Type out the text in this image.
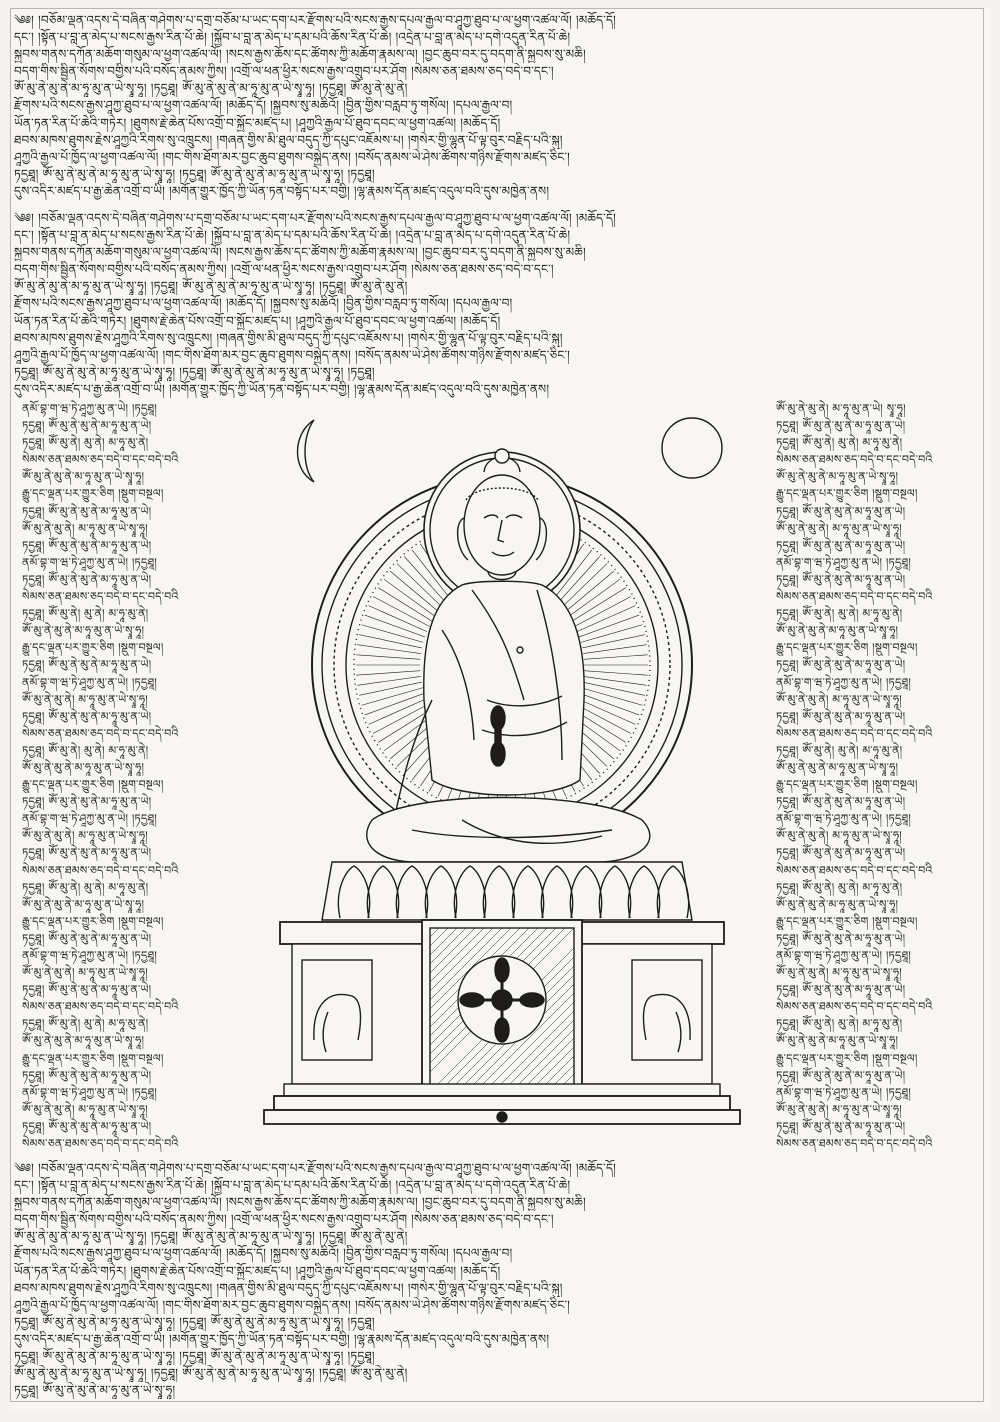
༄༅། །བཅོམ་ལྡན་འདས་དེ་བཞིན་གཤེགས་པ་དགྲ་བཅོམ་པ་ཡང་དག་པར་རྫོགས་པའི་སངས་རྒྱས་དཔལ་རྒྱལ་བ་ཤཱཀྱ་ཐུབ་པ་ལ་ཕྱག་འཚལ་ལོ། །མཆོད་དོ།
དང་། །སྟོན་པ་བླ་ན་མེད་པ་སངས་རྒྱས་རིན་པོ་ཆེ། །སྐྱོབ་པ་བླ་ན་མེད་པ་དམ་པའི་ཆོས་རིན་པོ་ཆེ། །འདྲེན་པ་བླ་ན་མེད་པ་དགེ་འདུན་རིན་པོ་ཆེ།
སྐྱབས་གནས་དཀོན་མཆོག་གསུམ་ལ་ཕྱག་འཚལ་ལོ། །སངས་རྒྱས་ཆོས་དང་ཚོགས་ཀྱི་མཆོག་རྣམས་ལ། །བྱང་ཆུབ་བར་དུ་བདག་ནི་སྐྱབས་སུ་མཆི།
བདག་གིས་སྦྱིན་སོགས་བགྱིས་པའི་བསོད་ནམས་ཀྱིས། །འགྲོ་ལ་ཕན་ཕྱིར་སངས་རྒྱས་འགྲུབ་པར་ཤོག །སེམས་ཅན་ཐམས་ཅད་བདེ་བ་དང་།
ཨོཾ་མུ་ནེ་མུ་ནེ་མ་ཧཱ་མུ་ན་ཡེ་སྭཱ་ཧཱ། །ཏདྱཐཱ། ཨོཾ་མུ་ནེ་མུ་ནེ་མ་ཧཱ་མུ་ན་ཡེ་སྭཱ་ཧཱ། །ཏདྱཐཱ། ཨོཾ་མུ་ནེ་མུ་ནེ།
རྫོགས་པའི་སངས་རྒྱས་ཤཱཀྱ་ཐུབ་པ་ལ་ཕྱག་འཚལ་ལོ། །མཆོད་དོ། །སྐྱབས་སུ་མཆིའོ། །བྱིན་གྱིས་བརླབ་ཏུ་གསོལ། །དཔལ་རྒྱལ་བ།
ཡོན་ཏན་རིན་པོ་ཆེའི་གཏེར། །ཐུགས་རྗེ་ཆེན་པོས་འགྲོ་བ་སྐྱོང་མཛད་པ། །ཤཱཀྱའི་རྒྱལ་པོ་ཐུབ་དབང་ལ་ཕྱག་འཚལ། །མཆོད་དོ།
ཐབས་མཁས་ཐུགས་རྗེས་ཤཱཀྱའི་རིགས་སུ་འཁྲུངས། །གཞན་གྱིས་མི་ཐུལ་བདུད་ཀྱི་དཔུང་འཇོམས་པ། །གསེར་གྱི་ལྷུན་པོ་ལྟ་བུར་བརྗིད་པའི་སྐུ།
ཤཱཀྱའི་རྒྱལ་པོ་ཁྱོད་ལ་ཕྱག་འཚལ་ལོ། །གང་གིས་ཐོག་མར་བྱང་ཆུབ་ཐུགས་བསྐྱེད་ནས། །བསོད་ནམས་ཡེ་ཤེས་ཚོགས་གཉིས་རྫོགས་མཛད་ཅིང་།
ཏདྱཐཱ། ཨོཾ་མུ་ནེ་མུ་ནེ་མ་ཧཱ་མུ་ན་ཡེ་སྭཱ་ཧཱ། །ཏདྱཐཱ། ཨོཾ་མུ་ནེ་མུ་ནེ་མ་ཧཱ་མུ་ན་ཡེ་སྭཱ་ཧཱ། །ཏདྱཐཱ།
དུས་འདིར་མཛད་པ་རྒྱ་ཆེན་འགྲོ་བ་ཡི། །མགོན་གྱུར་ཁྱོད་ཀྱི་ཡོན་ཏན་བསྟོད་པར་བགྱི། །ལྷ་རྣམས་དོན་མཛད་འདུལ་བའི་དུས་མཁྱེན་ནས།
༄༅། །བཅོམ་ལྡན་འདས་དེ་བཞིན་གཤེགས་པ་དགྲ་བཅོམ་པ་ཡང་དག་པར་རྫོགས་པའི་སངས་རྒྱས་དཔལ་རྒྱལ་བ་ཤཱཀྱ་ཐུབ་པ་ལ་ཕྱག་འཚལ་ལོ། །མཆོད་དོ།
དང་། །སྟོན་པ་བླ་ན་མེད་པ་སངས་རྒྱས་རིན་པོ་ཆེ། །སྐྱོབ་པ་བླ་ན་མེད་པ་དམ་པའི་ཆོས་རིན་པོ་ཆེ། །འདྲེན་པ་བླ་ན་མེད་པ་དགེ་འདུན་རིན་པོ་ཆེ།
སྐྱབས་གནས་དཀོན་མཆོག་གསུམ་ལ་ཕྱག་འཚལ་ལོ། །སངས་རྒྱས་ཆོས་དང་ཚོགས་ཀྱི་མཆོག་རྣམས་ལ། །བྱང་ཆུབ་བར་དུ་བདག་ནི་སྐྱབས་སུ་མཆི།
བདག་གིས་སྦྱིན་སོགས་བགྱིས་པའི་བསོད་ནམས་ཀྱིས། །འགྲོ་ལ་ཕན་ཕྱིར་སངས་རྒྱས་འགྲུབ་པར་ཤོག །སེམས་ཅན་ཐམས་ཅད་བདེ་བ་དང་།
ཨོཾ་མུ་ནེ་མུ་ནེ་མ་ཧཱ་མུ་ན་ཡེ་སྭཱ་ཧཱ། །ཏདྱཐཱ། ཨོཾ་མུ་ནེ་མུ་ནེ་མ་ཧཱ་མུ་ན་ཡེ་སྭཱ་ཧཱ། །ཏདྱཐཱ། ཨོཾ་མུ་ནེ་མུ་ནེ།
རྫོགས་པའི་སངས་རྒྱས་ཤཱཀྱ་ཐུབ་པ་ལ་ཕྱག་འཚལ་ལོ། །མཆོད་དོ། །སྐྱབས་སུ་མཆིའོ། །བྱིན་གྱིས་བརླབ་ཏུ་གསོལ། །དཔལ་རྒྱལ་བ།
ཡོན་ཏན་རིན་པོ་ཆེའི་གཏེར། །ཐུགས་རྗེ་ཆེན་པོས་འགྲོ་བ་སྐྱོང་མཛད་པ། །ཤཱཀྱའི་རྒྱལ་པོ་ཐུབ་དབང་ལ་ཕྱག་འཚལ། །མཆོད་དོ།
ཐབས་མཁས་ཐུགས་རྗེས་ཤཱཀྱའི་རིགས་སུ་འཁྲུངས། །གཞན་གྱིས་མི་ཐུལ་བདུད་ཀྱི་དཔུང་འཇོམས་པ། །གསེར་གྱི་ལྷུན་པོ་ལྟ་བུར་བརྗིད་པའི་སྐུ།
ཤཱཀྱའི་རྒྱལ་པོ་ཁྱོད་ལ་ཕྱག་འཚལ་ལོ། །གང་གིས་ཐོག་མར་བྱང་ཆུབ་ཐུགས་བསྐྱེད་ནས། །བསོད་ནམས་ཡེ་ཤེས་ཚོགས་གཉིས་རྫོགས་མཛད་ཅིང་།
ཏདྱཐཱ། ཨོཾ་མུ་ནེ་མུ་ནེ་མ་ཧཱ་མུ་ན་ཡེ་སྭཱ་ཧཱ། །ཏདྱཐཱ། ཨོཾ་མུ་ནེ་མུ་ནེ་མ་ཧཱ་མུ་ན་ཡེ་སྭཱ་ཧཱ། །ཏདྱཐཱ།
དུས་འདིར་མཛད་པ་རྒྱ་ཆེན་འགྲོ་བ་ཡི། །མགོན་གྱུར་ཁྱོད་ཀྱི་ཡོན་ཏན་བསྟོད་པར་བགྱི། །ལྷ་རྣམས་དོན་མཛད་འདུལ་བའི་དུས་མཁྱེན་ནས།
ནམོ་བྷ་ག་ཝ་ཏེ་ཤཱཀྱ་མུ་ན་ཡེ། །ཏདྱཐཱ།
ཏདྱཐཱ། ཨོཾ་མུ་ནེ་མུ་ནེ་མ་ཧཱ་མུ་ན་ཡེ།
ཏདྱཐཱ། ཨོཾ་མུ་ནེ། མུ་ནེ། མ་ཧཱ་མུ་ནེ།
སེམས་ཅན་ཐམས་ཅད་བདེ་བ་དང་བདེ་བའི
ཨོཾ་མུ་ནེ་མུ་ནེ་མ་ཧཱ་མུ་ན་ཡེ་སྭཱ་ཧཱ།
རྒྱུ་དང་ལྡན་པར་གྱུར་ཅིག །སྡུག་བསྔལ།
ཏདྱཐཱ། ཨོཾ་མུ་ནེ་མུ་ནེ་མ་ཧཱ་མུ་ན་ཡེ།
ཨོཾ་མུ་ནེ་མུ་ནེ། མ་ཧཱ་མུ་ན་ཡེ་སྭཱ་ཧཱ།
ཏདྱཐཱ། ཨོཾ་མུ་ནེ་མུ་ནེ་མ་ཧཱ་མུ་ན་ཡེ།
ནམོ་བྷ་ག་ཝ་ཏེ་ཤཱཀྱ་མུ་ན་ཡེ། །ཏདྱཐཱ།
ཏདྱཐཱ། ཨོཾ་མུ་ནེ་མུ་ནེ་མ་ཧཱ་མུ་ན་ཡེ།
སེམས་ཅན་ཐམས་ཅད་བདེ་བ་དང་བདེ་བའི
ཏདྱཐཱ། ཨོཾ་མུ་ནེ། མུ་ནེ། མ་ཧཱ་མུ་ནེ།
ཨོཾ་མུ་ནེ་མུ་ནེ་མ་ཧཱ་མུ་ན་ཡེ་སྭཱ་ཧཱ།
རྒྱུ་དང་ལྡན་པར་གྱུར་ཅིག །སྡུག་བསྔལ།
ཏདྱཐཱ། ཨོཾ་མུ་ནེ་མུ་ནེ་མ་ཧཱ་མུ་ན་ཡེ།
ནམོ་བྷ་ག་ཝ་ཏེ་ཤཱཀྱ་མུ་ན་ཡེ། །ཏདྱཐཱ།
ཨོཾ་མུ་ནེ་མུ་ནེ། མ་ཧཱ་མུ་ན་ཡེ་སྭཱ་ཧཱ།
ཏདྱཐཱ། ཨོཾ་མུ་ནེ་མུ་ནེ་མ་ཧཱ་མུ་ན་ཡེ།
སེམས་ཅན་ཐམས་ཅད་བདེ་བ་དང་བདེ་བའི
ཏདྱཐཱ། ཨོཾ་མུ་ནེ། མུ་ནེ། མ་ཧཱ་མུ་ནེ།
ཨོཾ་མུ་ནེ་མུ་ནེ་མ་ཧཱ་མུ་ན་ཡེ་སྭཱ་ཧཱ།
རྒྱུ་དང་ལྡན་པར་གྱུར་ཅིག །སྡུག་བསྔལ།
ཏདྱཐཱ། ཨོཾ་མུ་ནེ་མུ་ནེ་མ་ཧཱ་མུ་ན་ཡེ།
ནམོ་བྷ་ག་ཝ་ཏེ་ཤཱཀྱ་མུ་ན་ཡེ། །ཏདྱཐཱ།
ཨོཾ་མུ་ནེ་མུ་ནེ། མ་ཧཱ་མུ་ན་ཡེ་སྭཱ་ཧཱ།
ཏདྱཐཱ། ཨོཾ་མུ་ནེ་མུ་ནེ་མ་ཧཱ་མུ་ན་ཡེ།
སེམས་ཅན་ཐམས་ཅད་བདེ་བ་དང་བདེ་བའི
ཏདྱཐཱ། ཨོཾ་མུ་ནེ། མུ་ནེ། མ་ཧཱ་མུ་ནེ།
ཨོཾ་མུ་ནེ་མུ་ནེ་མ་ཧཱ་མུ་ན་ཡེ་སྭཱ་ཧཱ།
རྒྱུ་དང་ལྡན་པར་གྱུར་ཅིག །སྡུག་བསྔལ།
ཏདྱཐཱ། ཨོཾ་མུ་ནེ་མུ་ནེ་མ་ཧཱ་མུ་ན་ཡེ།
ནམོ་བྷ་ག་ཝ་ཏེ་ཤཱཀྱ་མུ་ན་ཡེ། །ཏདྱཐཱ།
ཨོཾ་མུ་ནེ་མུ་ནེ། མ་ཧཱ་མུ་ན་ཡེ་སྭཱ་ཧཱ།
ཏདྱཐཱ། ཨོཾ་མུ་ནེ་མུ་ནེ་མ་ཧཱ་མུ་ན་ཡེ།
སེམས་ཅན་ཐམས་ཅད་བདེ་བ་དང་བདེ་བའི
ཏདྱཐཱ། ཨོཾ་མུ་ནེ། མུ་ནེ། མ་ཧཱ་མུ་ནེ།
ཨོཾ་མུ་ནེ་མུ་ནེ་མ་ཧཱ་མུ་ན་ཡེ་སྭཱ་ཧཱ།
རྒྱུ་དང་ལྡན་པར་གྱུར་ཅིག །སྡུག་བསྔལ།
ཏདྱཐཱ། ཨོཾ་མུ་ནེ་མུ་ནེ་མ་ཧཱ་མུ་ན་ཡེ།
ནམོ་བྷ་ག་ཝ་ཏེ་ཤཱཀྱ་མུ་ན་ཡེ། །ཏདྱཐཱ།
ཨོཾ་མུ་ནེ་མུ་ནེ། མ་ཧཱ་མུ་ན་ཡེ་སྭཱ་ཧཱ།
ཏདྱཐཱ། ཨོཾ་མུ་ནེ་མུ་ནེ་མ་ཧཱ་མུ་ན་ཡེ།
སེམས་ཅན་ཐམས་ཅད་བདེ་བ་དང་བདེ་བའི
ཨོཾ་མུ་ནེ་མུ་ནེ། མ་ཧཱ་མུ་ན་ཡེ། སྭཱ་ཧཱ།
ཏདྱཐཱ། ཨོཾ་མུ་ནེ་མུ་ནེ་མ་ཧཱ་མུ་ན་ཡེ།
ཏདྱཐཱ། ཨོཾ་མུ་ནེ། མུ་ནེ། མ་ཧཱ་མུ་ནེ།
སེམས་ཅན་ཐམས་ཅད་བདེ་བ་དང་བདེ་བའི
ཨོཾ་མུ་ནེ་མུ་ནེ་མ་ཧཱ་མུ་ན་ཡེ་སྭཱ་ཧཱ།
རྒྱུ་དང་ལྡན་པར་གྱུར་ཅིག །སྡུག་བསྔལ།
ཏདྱཐཱ། ཨོཾ་མུ་ནེ་མུ་ནེ་མ་ཧཱ་མུ་ན་ཡེ།
ཨོཾ་མུ་ནེ་མུ་ནེ། མ་ཧཱ་མུ་ན་ཡེ་སྭཱ་ཧཱ།
ཏདྱཐཱ། ཨོཾ་མུ་ནེ་མུ་ནེ་མ་ཧཱ་མུ་ན་ཡེ།
ནམོ་བྷ་ག་ཝ་ཏེ་ཤཱཀྱ་མུ་ན་ཡེ། །ཏདྱཐཱ།
ཏདྱཐཱ། ཨོཾ་མུ་ནེ་མུ་ནེ་མ་ཧཱ་མུ་ན་ཡེ།
སེམས་ཅན་ཐམས་ཅད་བདེ་བ་དང་བདེ་བའི
ཏདྱཐཱ། ཨོཾ་མུ་ནེ། མུ་ནེ། མ་ཧཱ་མུ་ནེ།
ཨོཾ་མུ་ནེ་མུ་ནེ་མ་ཧཱ་མུ་ན་ཡེ་སྭཱ་ཧཱ།
རྒྱུ་དང་ལྡན་པར་གྱུར་ཅིག །སྡུག་བསྔལ།
ཏདྱཐཱ། ཨོཾ་མུ་ནེ་མུ་ནེ་མ་ཧཱ་མུ་ན་ཡེ།
ནམོ་བྷ་ག་ཝ་ཏེ་ཤཱཀྱ་མུ་ན་ཡེ། །ཏདྱཐཱ།
ཨོཾ་མུ་ནེ་མུ་ནེ། མ་ཧཱ་མུ་ན་ཡེ་སྭཱ་ཧཱ།
ཏདྱཐཱ། ཨོཾ་མུ་ནེ་མུ་ནེ་མ་ཧཱ་མུ་ན་ཡེ།
སེམས་ཅན་ཐམས་ཅད་བདེ་བ་དང་བདེ་བའི
ཏདྱཐཱ། ཨོཾ་མུ་ནེ། མུ་ནེ། མ་ཧཱ་མུ་ནེ།
ཨོཾ་མུ་ནེ་མུ་ནེ་མ་ཧཱ་མུ་ན་ཡེ་སྭཱ་ཧཱ།
རྒྱུ་དང་ལྡན་པར་གྱུར་ཅིག །སྡུག་བསྔལ།
ཏདྱཐཱ། ཨོཾ་མུ་ནེ་མུ་ནེ་མ་ཧཱ་མུ་ན་ཡེ།
ནམོ་བྷ་ག་ཝ་ཏེ་ཤཱཀྱ་མུ་ན་ཡེ། །ཏདྱཐཱ།
ཨོཾ་མུ་ནེ་མུ་ནེ། མ་ཧཱ་མུ་ན་ཡེ་སྭཱ་ཧཱ།
ཏདྱཐཱ། ཨོཾ་མུ་ནེ་མུ་ནེ་མ་ཧཱ་མུ་ན་ཡེ།
སེམས་ཅན་ཐམས་ཅད་བདེ་བ་དང་བདེ་བའི
ཏདྱཐཱ། ཨོཾ་མུ་ནེ། མུ་ནེ། མ་ཧཱ་མུ་ནེ།
ཨོཾ་མུ་ནེ་མུ་ནེ་མ་ཧཱ་མུ་ན་ཡེ་སྭཱ་ཧཱ།
རྒྱུ་དང་ལྡན་པར་གྱུར་ཅིག །སྡུག་བསྔལ།
ཏདྱཐཱ། ཨོཾ་མུ་ནེ་མུ་ནེ་མ་ཧཱ་མུ་ན་ཡེ།
ནམོ་བྷ་ག་ཝ་ཏེ་ཤཱཀྱ་མུ་ན་ཡེ། །ཏདྱཐཱ།
ཨོཾ་མུ་ནེ་མུ་ནེ། མ་ཧཱ་མུ་ན་ཡེ་སྭཱ་ཧཱ།
ཏདྱཐཱ། ཨོཾ་མུ་ནེ་མུ་ནེ་མ་ཧཱ་མུ་ན་ཡེ།
སེམས་ཅན་ཐམས་ཅད་བདེ་བ་དང་བདེ་བའི
ཏདྱཐཱ། ཨོཾ་མུ་ནེ། མུ་ནེ། མ་ཧཱ་མུ་ནེ།
ཨོཾ་མུ་ནེ་མུ་ནེ་མ་ཧཱ་མུ་ན་ཡེ་སྭཱ་ཧཱ།
རྒྱུ་དང་ལྡན་པར་གྱུར་ཅིག །སྡུག་བསྔལ།
ཏདྱཐཱ། ཨོཾ་མུ་ནེ་མུ་ནེ་མ་ཧཱ་མུ་ན་ཡེ།
ནམོ་བྷ་ག་ཝ་ཏེ་ཤཱཀྱ་མུ་ན་ཡེ། །ཏདྱཐཱ།
ཨོཾ་མུ་ནེ་མུ་ནེ། མ་ཧཱ་མུ་ན་ཡེ་སྭཱ་ཧཱ།
ཏདྱཐཱ། ཨོཾ་མུ་ནེ་མུ་ནེ་མ་ཧཱ་མུ་ན་ཡེ།
སེམས་ཅན་ཐམས་ཅད་བདེ་བ་དང་བདེ་བའི
༄༅། །བཅོམ་ལྡན་འདས་དེ་བཞིན་གཤེགས་པ་དགྲ་བཅོམ་པ་ཡང་དག་པར་རྫོགས་པའི་སངས་རྒྱས་དཔལ་རྒྱལ་བ་ཤཱཀྱ་ཐུབ་པ་ལ་ཕྱག་འཚལ་ལོ། །མཆོད་དོ།
དང་། །སྟོན་པ་བླ་ན་མེད་པ་སངས་རྒྱས་རིན་པོ་ཆེ། །སྐྱོབ་པ་བླ་ན་མེད་པ་དམ་པའི་ཆོས་རིན་པོ་ཆེ། །འདྲེན་པ་བླ་ན་མེད་པ་དགེ་འདུན་རིན་པོ་ཆེ།
སྐྱབས་གནས་དཀོན་མཆོག་གསུམ་ལ་ཕྱག་འཚལ་ལོ། །སངས་རྒྱས་ཆོས་དང་ཚོགས་ཀྱི་མཆོག་རྣམས་ལ། །བྱང་ཆུབ་བར་དུ་བདག་ནི་སྐྱབས་སུ་མཆི།
བདག་གིས་སྦྱིན་སོགས་བགྱིས་པའི་བསོད་ནམས་ཀྱིས། །འགྲོ་ལ་ཕན་ཕྱིར་སངས་རྒྱས་འགྲུབ་པར་ཤོག །སེམས་ཅན་ཐམས་ཅད་བདེ་བ་དང་།
ཨོཾ་མུ་ནེ་མུ་ནེ་མ་ཧཱ་མུ་ན་ཡེ་སྭཱ་ཧཱ། །ཏདྱཐཱ། ཨོཾ་མུ་ནེ་མུ་ནེ་མ་ཧཱ་མུ་ན་ཡེ་སྭཱ་ཧཱ། །ཏདྱཐཱ། ཨོཾ་མུ་ནེ་མུ་ནེ།
རྫོགས་པའི་སངས་རྒྱས་ཤཱཀྱ་ཐུབ་པ་ལ་ཕྱག་འཚལ་ལོ། །མཆོད་དོ། །སྐྱབས་སུ་མཆིའོ། །བྱིན་གྱིས་བརླབ་ཏུ་གསོལ། །དཔལ་རྒྱལ་བ།
ཡོན་ཏན་རིན་པོ་ཆེའི་གཏེར། །ཐུགས་རྗེ་ཆེན་པོས་འགྲོ་བ་སྐྱོང་མཛད་པ། །ཤཱཀྱའི་རྒྱལ་པོ་ཐུབ་དབང་ལ་ཕྱག་འཚལ། །མཆོད་དོ།
ཐབས་མཁས་ཐུགས་རྗེས་ཤཱཀྱའི་རིགས་སུ་འཁྲུངས། །གཞན་གྱིས་མི་ཐུལ་བདུད་ཀྱི་དཔུང་འཇོམས་པ། །གསེར་གྱི་ལྷུན་པོ་ལྟ་བུར་བརྗིད་པའི་སྐུ།
ཤཱཀྱའི་རྒྱལ་པོ་ཁྱོད་ལ་ཕྱག་འཚལ་ལོ། །གང་གིས་ཐོག་མར་བྱང་ཆུབ་ཐུགས་བསྐྱེད་ནས། །བསོད་ནམས་ཡེ་ཤེས་ཚོགས་གཉིས་རྫོགས་མཛད་ཅིང་།
ཏདྱཐཱ། ཨོཾ་མུ་ནེ་མུ་ནེ་མ་ཧཱ་མུ་ན་ཡེ་སྭཱ་ཧཱ། །ཏདྱཐཱ། ཨོཾ་མུ་ནེ་མུ་ནེ་མ་ཧཱ་མུ་ན་ཡེ་སྭཱ་ཧཱ། །ཏདྱཐཱ།
དུས་འདིར་མཛད་པ་རྒྱ་ཆེན་འགྲོ་བ་ཡི། །མགོན་གྱུར་ཁྱོད་ཀྱི་ཡོན་ཏན་བསྟོད་པར་བགྱི། །ལྷ་རྣམས་དོན་མཛད་འདུལ་བའི་དུས་མཁྱེན་ནས།
ཏདྱཐཱ། ཨོཾ་མུ་ནེ་མུ་ནེ་མ་ཧཱ་མུ་ན་ཡེ་སྭཱ་ཧཱ། །ཏདྱཐཱ། ཨོཾ་མུ་ནེ་མུ་ནེ་མ་ཧཱ་མུ་ན་ཡེ་སྭཱ་ཧཱ། །ཏདྱཐཱ།
ཨོཾ་མུ་ནེ་མུ་ནེ་མ་ཧཱ་མུ་ན་ཡེ་སྭཱ་ཧཱ། །ཏདྱཐཱ། ཨོཾ་མུ་ནེ་མུ་ནེ་མ་ཧཱ་མུ་ན་ཡེ་སྭཱ་ཧཱ། །ཏདྱཐཱ། ཨོཾ་མུ་ནེ་མུ་ནེ།
ཏདྱཐཱ། ཨོཾ་མུ་ནེ་མུ་ནེ་མ་ཧཱ་མུ་ན་ཡེ་སྭཱ་ཧཱ།
